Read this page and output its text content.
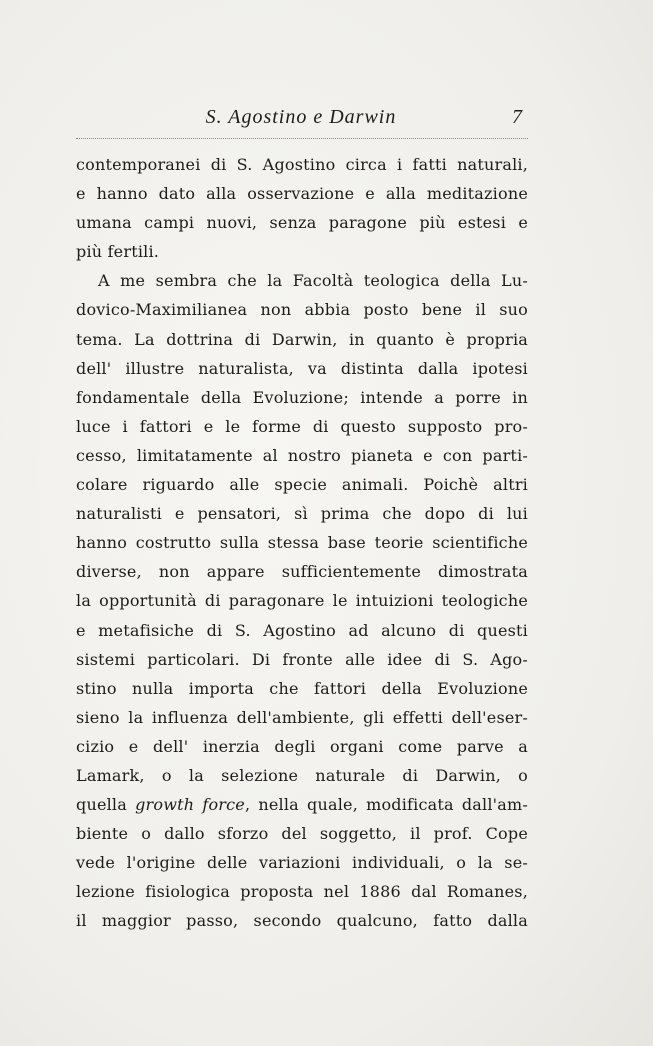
S. Agostino e Darwin	7
contemporanei di S. Agostino circa i fatti naturali,
e hanno dato alla osservazione e alla meditazione
umana campi nuovi, senza paragone più estesi e
più fertili.
A me sembra che la Facoltà teologica della Lu-
dovico-Maximilianea non abbia posto bene il suo
tema. La dottrina di Darwin, in quanto è propria
dell' illustre naturalista, va distinta dalla ipotesi
fondamentale della Evoluzione; intende a porre in
luce i fattori e le forme di questo supposto pro-
cesso, limitatamente al nostro pianeta e con parti-
colare riguardo alle specie animali. Poichè altri
naturalisti e pensatori, sì prima che dopo di lui
hanno costrutto sulla stessa base teorie scientifiche
diverse, non appare sufficientemente dimostrata
la opportunità di paragonare le intuizioni teologiche
e metafisiche di S. Agostino ad alcuno di questi
sistemi particolari. Di fronte alle idee di S. Ago-
stino nulla importa che fattori della Evoluzione
sieno la influenza dell'ambiente, gli effetti dell'eser-
cizio e dell' inerzia degli organi come parve a
Lamark, o la selezione naturale di Darwin, o
quella growth force, nella quale, modificata dall'am-
biente o dallo sforzo del soggetto, il prof. Cope
vede l'origine delle variazioni individuali, o la se-
lezione fisiologica proposta nel 1886 dal Romanes,
il maggior passo, secondo qualcuno, fatto dalla
